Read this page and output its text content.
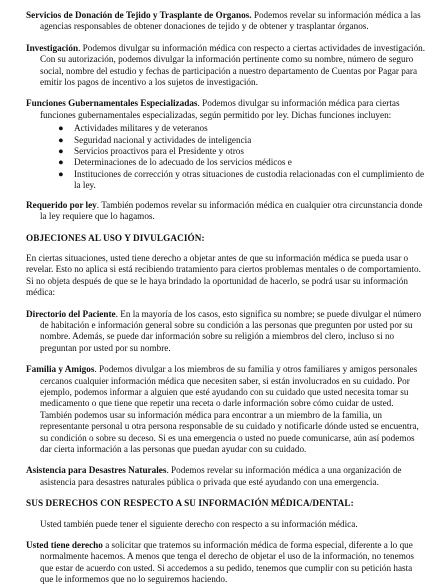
Servicios de Donación de Tejido y Trasplante de Organos. Podemos revelar su información médica a las agencias responsables de obtener donaciones de tejido y de obtener y trasplantar órganos.

Investigación. Podemos divulgar su información médica con respecto a ciertas actividades de investigación. Con su autorización, podemos divulgar la información pertinente como su nombre, número de seguro social, nombre del estudio y fechas de participación a nuestro departamento de Cuentas por Pagar para emitir los pagos de incentivo a los sujetos de investigación.

Funciones Gubernamentales Especializadas. Podemos divulgar su información médica para ciertas funciones gubernamentales especializadas, según permitido por ley. Dichas funciones incluyen:

● Actividades militares y de veteranos
● Seguridad nacional y actividades de inteligencia
● Servicios proactivos para el Presidente y otros
● Determinaciones de lo adecuado de los servicios médicos e
● Instituciones de corrección y otras situaciones de custodia relacionadas con el cumplimiento de la ley.

Requerido por ley. También podemos revelar su información médica en cualquier otra circunstancia donde la ley requiere que lo hagamos.

OBJECIONES AL USO Y DIVULGACIÓN:

En ciertas situaciones, usted tiene derecho a objetar antes de que su información médica se pueda usar o revelar. Esto no aplica si está recibiendo tratamiento para ciertos problemas mentales o de comportamiento. Si no objeta después de que se le haya brindado la oportunidad de hacerlo, se podrá usar su información médica:

Directorio del Paciente. En la mayoría de los casos, esto significa su nombre; se puede divulgar el número de habitación e información general sobre su condición a las personas que pregunten por usted por su nombre. Además, se puede dar información sobre su religión a miembros del clero, incluso si no preguntan por usted por su nombre.

Familia y Amigos. Podemos divulgar a los miembros de su familia y otros familiares y amigos personales cercanos cualquier información médica que necesiten saber, si están involucrados en su cuidado. Por ejemplo, podemos informar a alguien que esté ayudando con su cuidado que usted necesita tomar su medicamento o que tiene que repetir una receta o darle información sobre cómo cuidar de usted. También podemos usar su información médica para encontrar a un miembro de la familia, un representante personal u otra persona responsable de su cuidado y notificarle dónde usted se encuentra, su condición o sobre su deceso. Si es una emergencia o usted no puede comunicarse, aún así podemos dar cierta información a las personas que puedan ayudar con su cuidado.

Asistencia para Desastres Naturales. Podemos revelar su información médica a una organización de asistencia para desastres naturales pública o privada que esté ayudando con una emergencia.

SUS DERECHOS CON RESPECTO A SU INFORMACIÓN MÉDICA/DENTAL:

Usted también puede tener el siguiente derecho con respecto a su información médica.

Usted tiene derecho a solicitar que tratemos su información médica de forma especial, diferente a lo que normalmente hacemos. A menos que tenga el derecho de objetar el uso de la información, no tenemos que estar de acuerdo con usted. Si accedemos a su pedido, tenemos que cumplir con su petición hasta que le informemos que no lo seguiremos haciendo.
